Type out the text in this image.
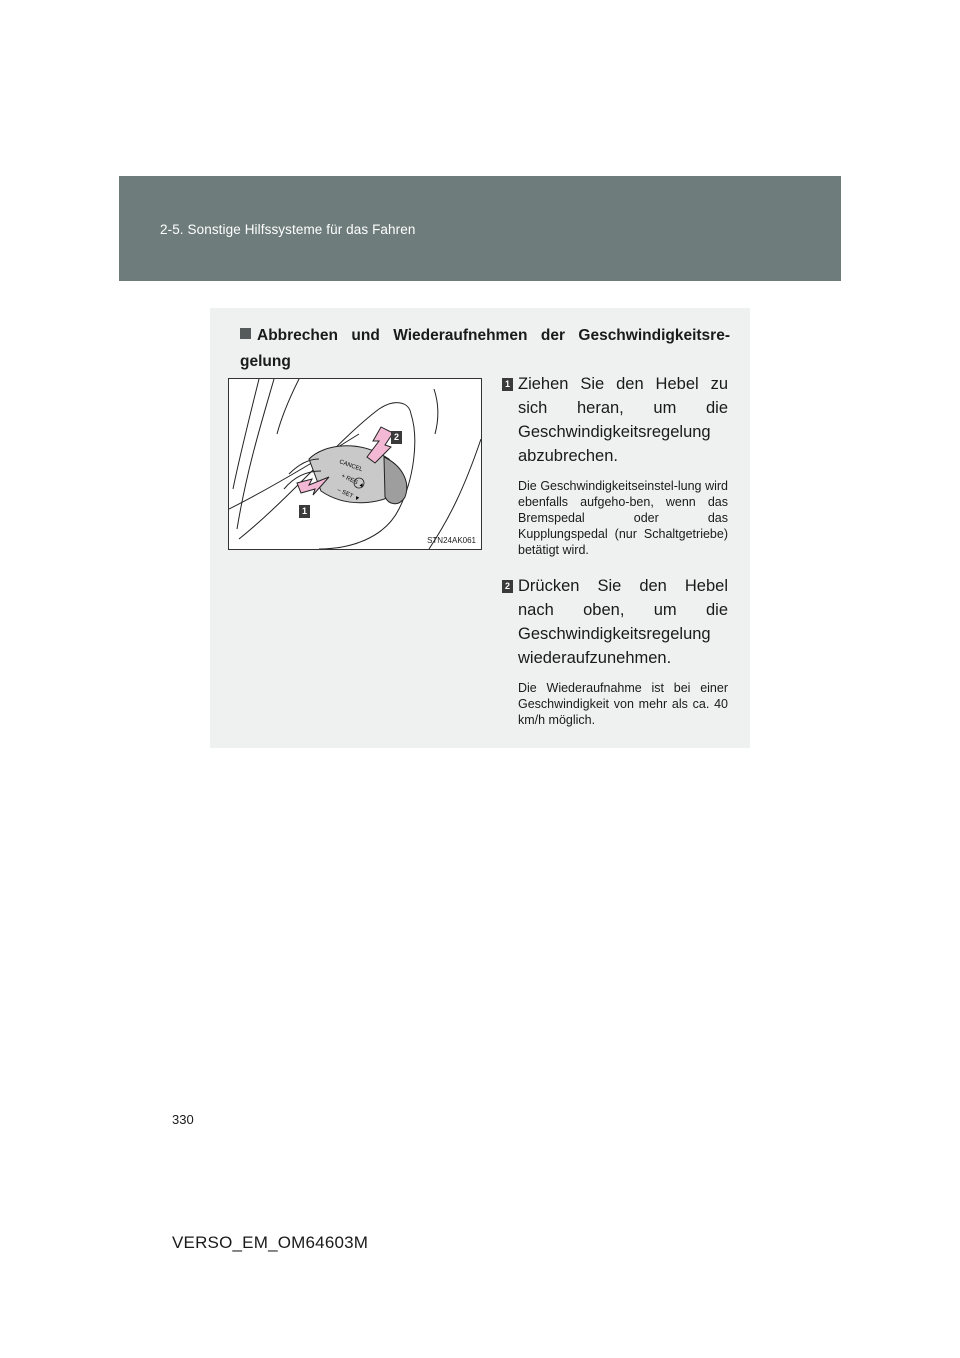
2-5. Sonstige Hilfssysteme für das Fahren
Abbrechen und Wiederaufnehmen der Geschwindigkeitsre-gelung
CANCEL
+ RES ▲
– SET ▼
1
2
STN24AK061
1 Ziehen Sie den Hebel zu sich heran, um die Geschwindigkeitsregelung abzubrechen.
Die Geschwindigkeitseinstel-lung wird ebenfalls aufgeho-ben, wenn das Bremspedal oder das Kupplungspedal (nur Schaltgetriebe) betätigt wird.
2 Drücken Sie den Hebel nach oben, um die Geschwindigkeitsregelung wiederaufzunehmen.
Die Wiederaufnahme ist bei einer Geschwindigkeit von mehr als ca. 40 km/h möglich.
330
VERSO_EM_OM64603M
